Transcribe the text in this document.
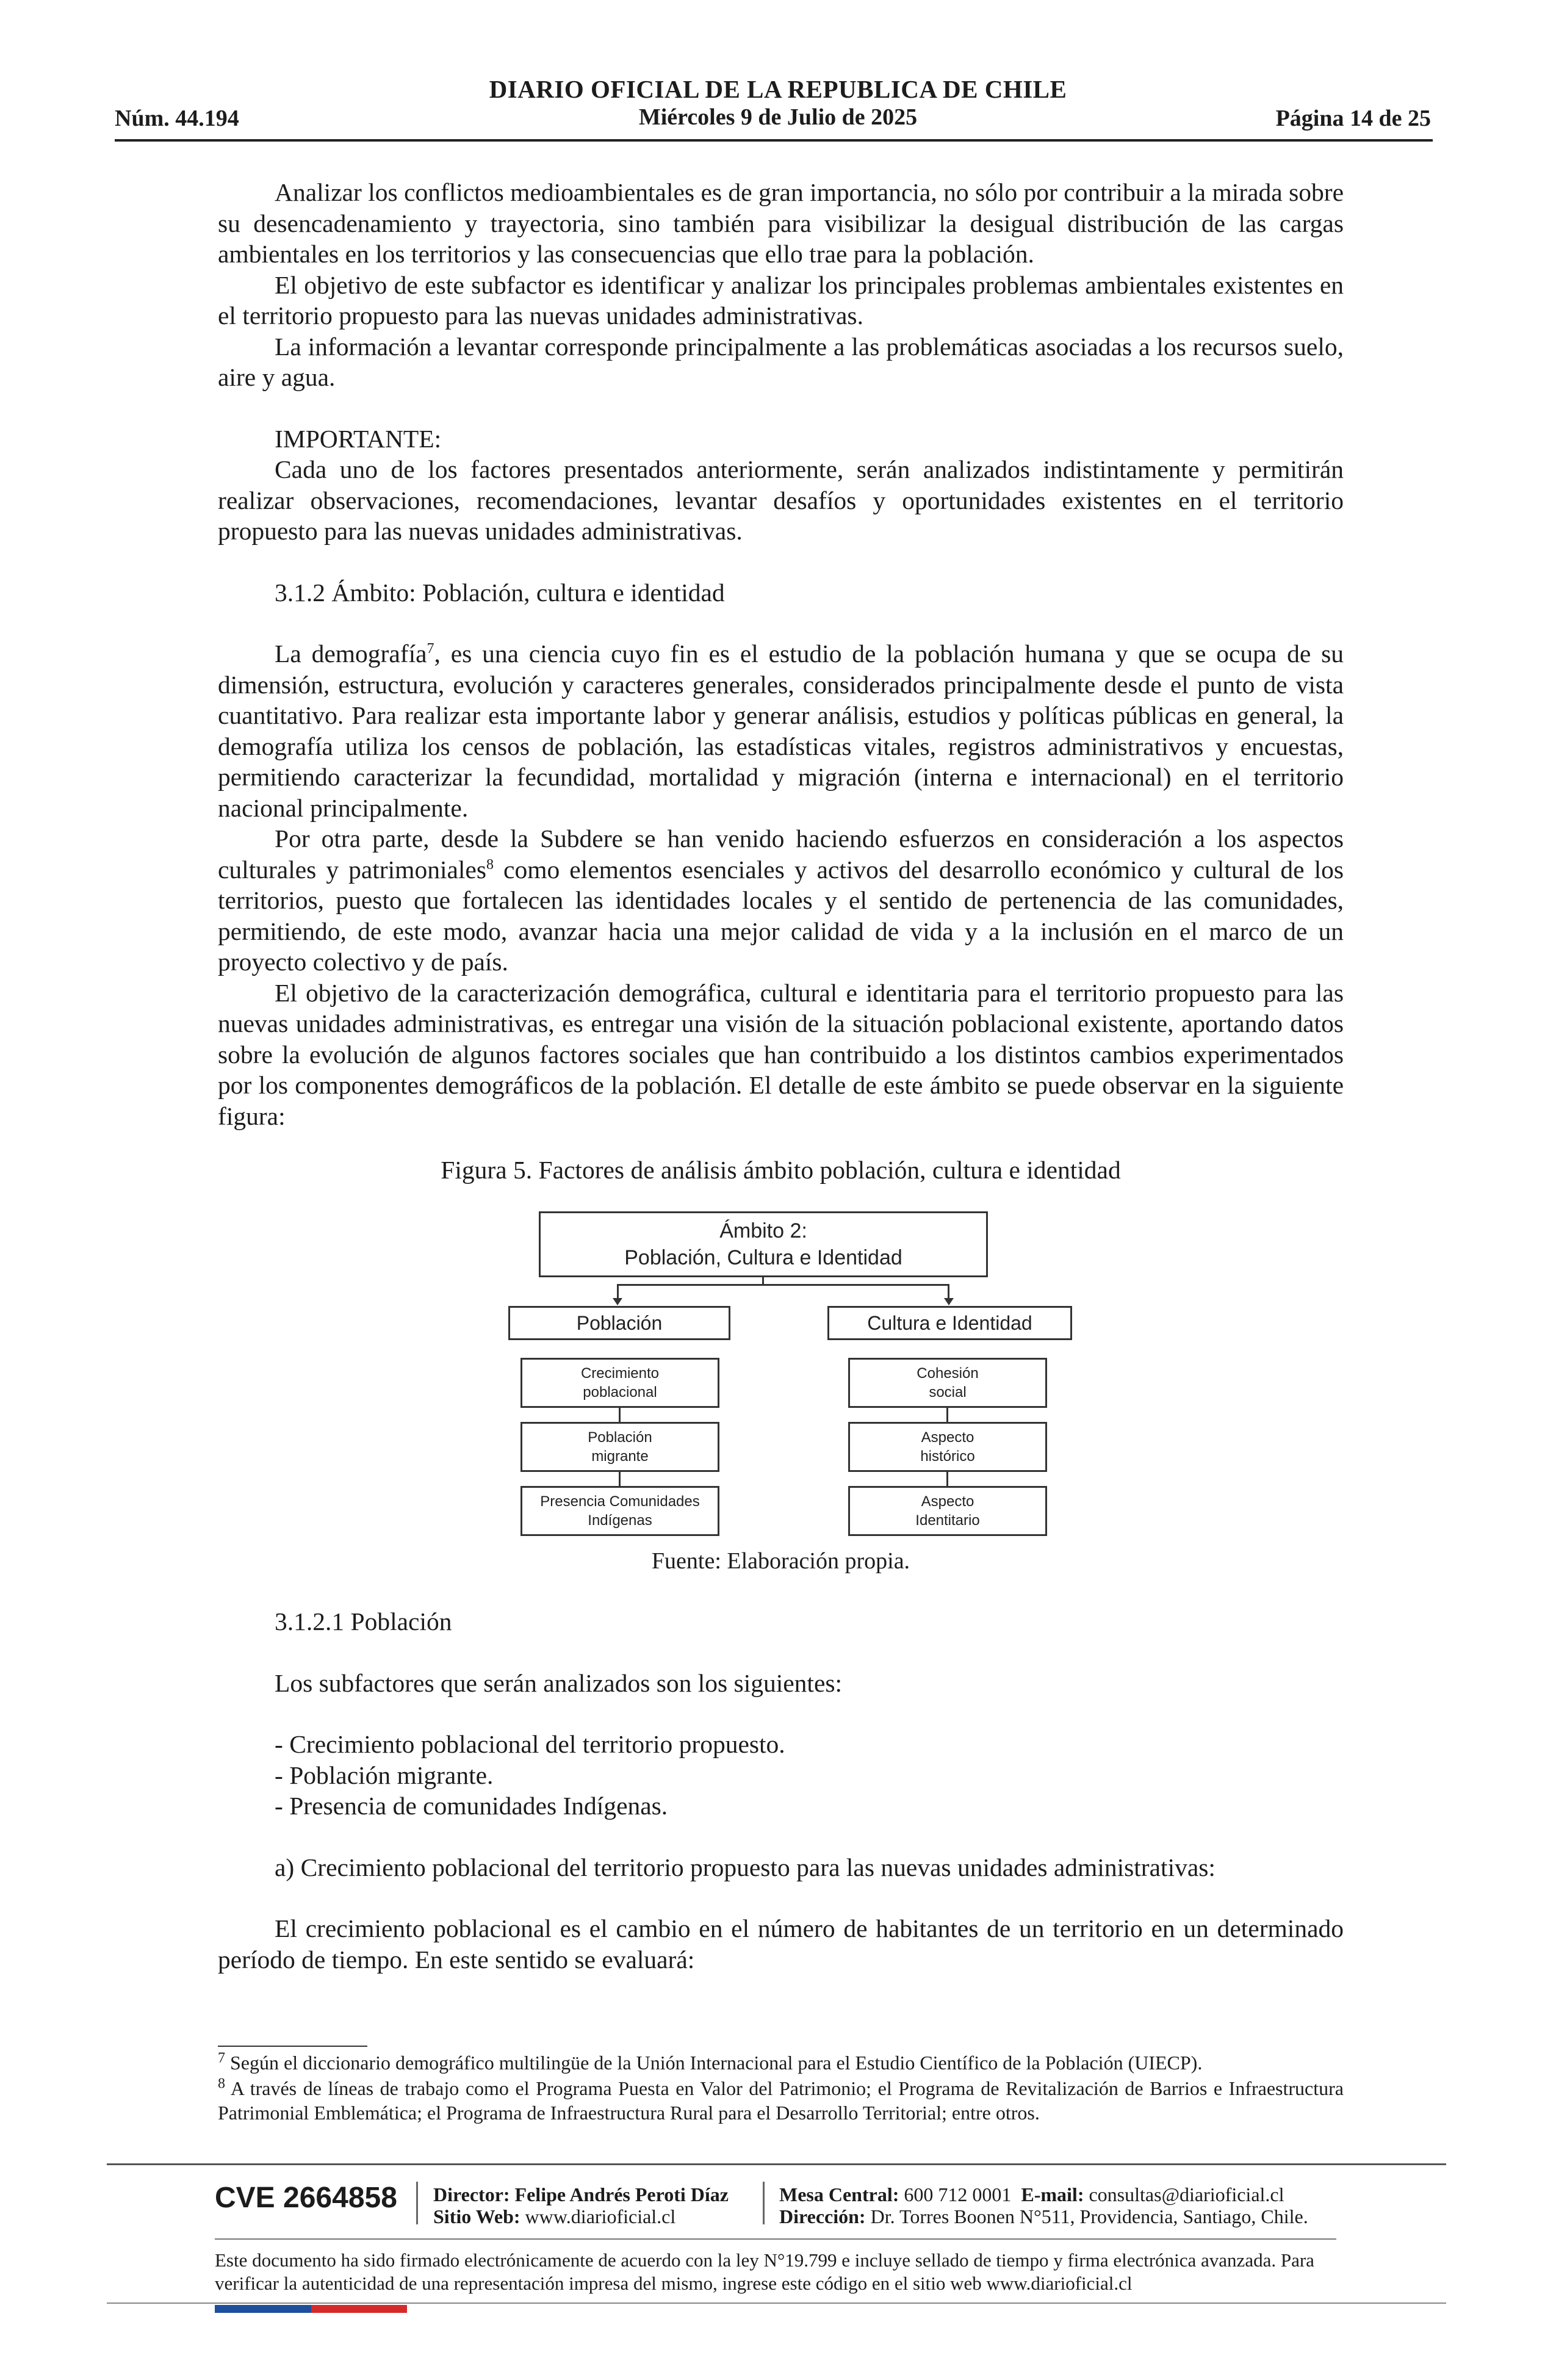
DIARIO OFICIAL DE LA REPUBLICA DE CHILE
Miércoles 9 de Julio de 2025
Núm. 44.194	Página 14 de 25

Analizar los conflictos medioambientales es de gran importancia, no sólo por contribuir a la mirada sobre su desencadenamiento y trayectoria, sino también para visibilizar la desigual distribución de las cargas ambientales en los territorios y las consecuencias que ello trae para la población.

El objetivo de este subfactor es identificar y analizar los principales problemas ambientales existentes en el territorio propuesto para las nuevas unidades administrativas.

La información a levantar corresponde principalmente a las problemáticas asociadas a los recursos suelo, aire y agua.

IMPORTANTE:

Cada uno de los factores presentados anteriormente, serán analizados indistintamente y permitirán realizar observaciones, recomendaciones, levantar desafíos y oportunidades existentes en el territorio propuesto para las nuevas unidades administrativas.

3.1.2 Ámbito: Población, cultura e identidad

La demografía$^7$, es una ciencia cuyo fin es el estudio de la población humana y que se ocupa de su dimensión, estructura, evolución y caracteres generales, considerados principalmente desde el punto de vista cuantitativo. Para realizar esta importante labor y generar análisis, estudios y políticas públicas en general, la demografía utiliza los censos de población, las estadísticas vitales, registros administrativos y encuestas, permitiendo caracterizar la fecundidad, mortalidad y migración (interna e internacional) en el territorio nacional principalmente.

Por otra parte, desde la Subdere se han venido haciendo esfuerzos en consideración a los aspectos culturales y patrimoniales$^8$ como elementos esenciales y activos del desarrollo económico y cultural de los territorios, puesto que fortalecen las identidades locales y el sentido de pertenencia de las comunidades, permitiendo, de este modo, avanzar hacia una mejor calidad de vida y a la inclusión en el marco de un proyecto colectivo y de país.

El objetivo de la caracterización demográfica, cultural e identitaria para el territorio propuesto para las nuevas unidades administrativas, es entregar una visión de la situación poblacional existente, aportando datos sobre la evolución de algunos factores sociales que han contribuido a los distintos cambios experimentados por los componentes demográficos de la población. El detalle de este ámbito se puede observar en la siguiente figura:

Figura 5. Factores de análisis ámbito población, cultura e identidad
Ámbito 2:
Población, Cultura e Identidad
Población	Cultura e Identidad
Crecimiento
poblacional
Población
migrante
Presencia Comunidades
Indígenas
Cohesión
social
Aspecto
histórico
Aspecto
Identitario
Fuente: Elaboración propia.
3.1.2.1 Población
Los subfactores que serán analizados son los siguientes:
- Crecimiento poblacional del territorio propuesto.
- Población migrante.
- Presencia de comunidades Indígenas.
a) Crecimiento poblacional del territorio propuesto para las nuevas unidades administrativas:

El crecimiento poblacional es el cambio en el número de habitantes de un territorio en un determinado período de tiempo. En este sentido se evaluará:

$^7$ Según el diccionario demográfico multilingüe de la Unión Internacional para el Estudio Científico de la Población (UIECP).
$^8$ A través de líneas de trabajo como el Programa Puesta en Valor del Patrimonio; el Programa de Revitalización de Barrios e Infraestructura Patrimonial Emblemática; el Programa de Infraestructura Rural para el Desarrollo Territorial; entre otros.
CVE 2664858 Director: Felipe Andrés Peroti Díaz
Sitio Web: www.diarioficial.cl
Mesa Central: 600 712 0001 E-mail: consultas@diarioficial.cl
Dirección: Dr. Torres Boonen N°511, Providencia, Santiago, Chile.
Este documento ha sido firmado electrónicamente de acuerdo con la ley N°19.799 e incluye sellado de tiempo y firma electrónica avanzada. Para verificar la autenticidad de una representación impresa del mismo, ingrese este código en el sitio web www.diarioficial.cl
